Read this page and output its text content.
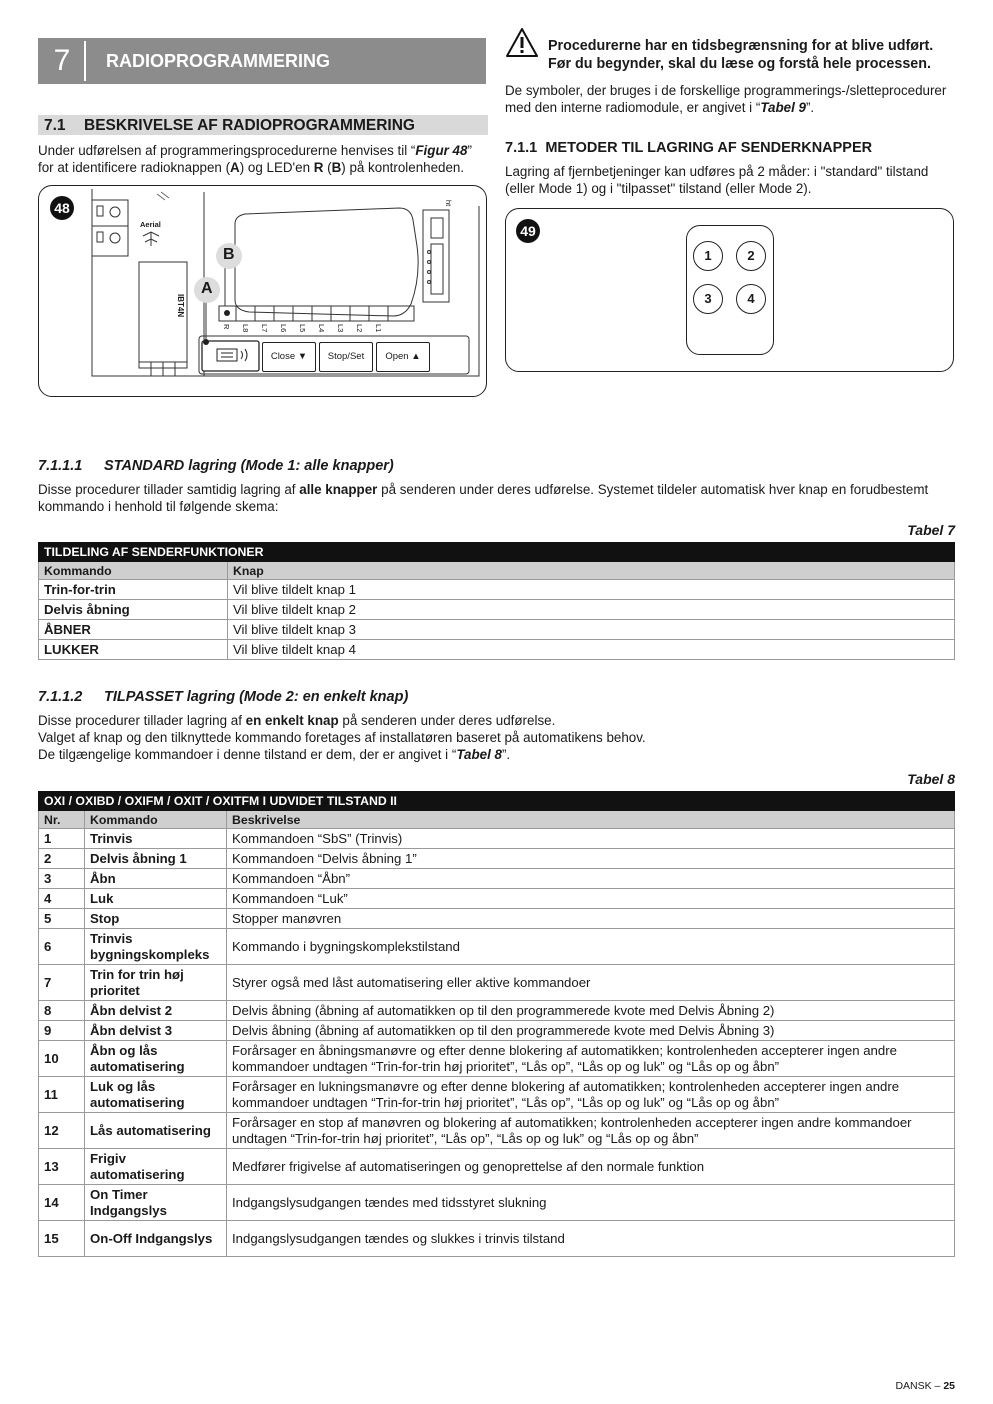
7	RADIOPROGRAMMERING
7.1	BESKRIVELSE AF RADIOPROGRAMMERING
Under udførelsen af programmeringsprocedurerne henvises til “Figur 48” for at identificere radioknappen (A) og LED'en R (B) på kontrolenheden.
48
Aerial
B
A
IBT4N
ht
R	L8	L7	L6	L5	L4	L3	L2	L1
Close ▼	Stop/Set	Open ▲
Procedurerne har en tidsbegrænsning for at blive udført. Før du begynder, skal du læse og forstå hele processen.
De symboler, der bruges i de forskellige programmerings-/sletteprocedurer med den interne radiomodule, er angivet i “Tabel 9”.
7.1.1 METODER TIL LAGRING AF SENDERKNAPPER
Lagring af fjernbetjeninger kan udføres på 2 måder: i "standard" tilstand (eller Mode 1) og i "tilpasset" tilstand (eller Mode 2).
49
1	2
3	4
7.1.1.1 STANDARD lagring (Mode 1: alle knapper)
Disse procedurer tillader samtidig lagring af alle knapper på senderen under deres udførelse. Systemet tildeler automatisk hver knap en forudbestemt kommando i henhold til følgende skema:
Tabel 7
TILDELING AF SENDERFUNKTIONER	
Kommando	Knap
Trin-for-trin	Vil blive tildelt knap 1
Delvis åbning	Vil blive tildelt knap 2
ÅBNER	Vil blive tildelt knap 3
LUKKER	Vil blive tildelt knap 4
7.1.1.2 TILPASSET lagring (Mode 2: en enkelt knap)
Disse procedurer tillader lagring af en enkelt knap på senderen under deres udførelse.
Valget af knap og den tilknyttede kommando foretages af installatøren baseret på automatikens behov.
De tilgængelige kommandoer i denne tilstand er dem, der er angivet i “Tabel 8”.
Tabel 8
OXI / OXIBD / OXIFM / OXIT / OXITFM I UDVIDET TILSTAND II		
Nr.	Kommando	Beskrivelse
1	Trinvis	Kommandoen “SbS” (Trinvis)
2	Delvis åbning 1	Kommandoen “Delvis åbning 1”
3	Åbn	Kommandoen “Åbn”
4	Luk	Kommandoen “Luk”
5	Stop	Stopper manøvren
6	Trinvis bygningskompleks	Kommando i bygningskomplekstilstand
7	Trin for trin høj prioritet	Styrer også med låst automatisering eller aktive kommandoer
8	Åbn delvist 2	Delvis åbning (åbning af automatikken op til den programmerede kvote med Delvis Åbning 2)
9	Åbn delvist 3	Delvis åbning (åbning af automatikken op til den programmerede kvote med Delvis Åbning 3)
10	Åbn og lås automatisering	Forårsager en åbningsmanøvre og efter denne blokering af automatikken; kontrolenheden accepterer ingen andre kommandoer undtagen “Trin-for-trin høj prioritet”, “Lås op”, “Lås op og luk” og “Lås op og åbn”
11	Luk og lås automatisering	Forårsager en lukningsmanøvre og efter denne blokering af automatikken; kontrolenheden accepterer ingen andre kommandoer undtagen “Trin-for-trin høj prioritet”, “Lås op”, “Lås op og luk” og “Lås op og åbn”
12	Lås automatisering	Forårsager en stop af manøvren og blokering af automatikken; kontrolenheden accepterer ingen andre kommandoer undtagen “Trin-for-trin høj prioritet”, “Lås op”, “Lås op og luk” og “Lås op og åbn”
13	Frigiv automatisering	Medfører frigivelse af automatiseringen og genoprettelse af den normale funktion
14	On Timer Indgangslys	Indgangslysudgangen tændes med tidsstyret slukning
15	On-Off Indgangslys	Indgangslysudgangen tændes og slukkes i trinvis tilstand
DANSK – 25
